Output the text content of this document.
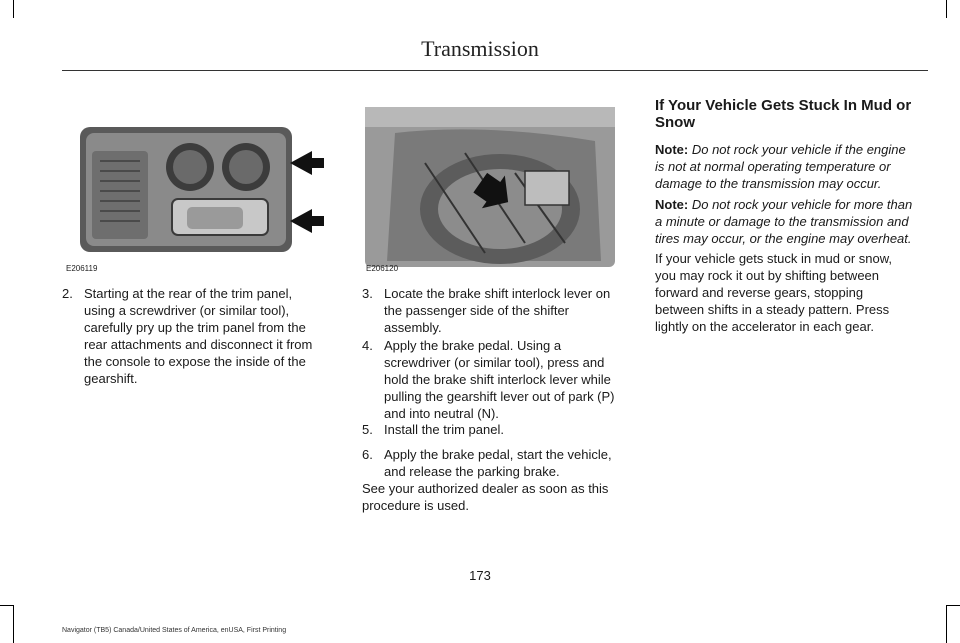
Transmission
E206119	E206120
2. Starting at the rear of the trim panel,
using a screwdriver (or similar tool),
carefully pry up the trim panel from the
rear attachments and disconnect it from
the console to expose the inside of the
gearshift.
3. Locate the brake shift interlock lever on
the passenger side of the shifter
assembly.
4. Apply the brake pedal. Using a
screwdriver (or similar tool), press and
hold the brake shift interlock lever while
pulling the gearshift lever out of park (P)
and into neutral (N).
5. Install the trim panel.
6. Apply the brake pedal, start the vehicle,
and release the parking brake.
See your authorized dealer as soon as this
procedure is used.
If Your Vehicle Gets Stuck In Mud or
Snow
Note: Do not rock your vehicle if the engine
is not at normal operating temperature or
damage to the transmission may occur.
Note: Do not rock your vehicle for more than
a minute or damage to the transmission and
tires may occur, or the engine may overheat.
If your vehicle gets stuck in mud or snow,
you may rock it out by shifting between
forward and reverse gears, stopping
between shifts in a steady pattern. Press
lightly on the accelerator in each gear.
173
Navigator (TB5) Canada/United States of America, enUSA, First Printing
